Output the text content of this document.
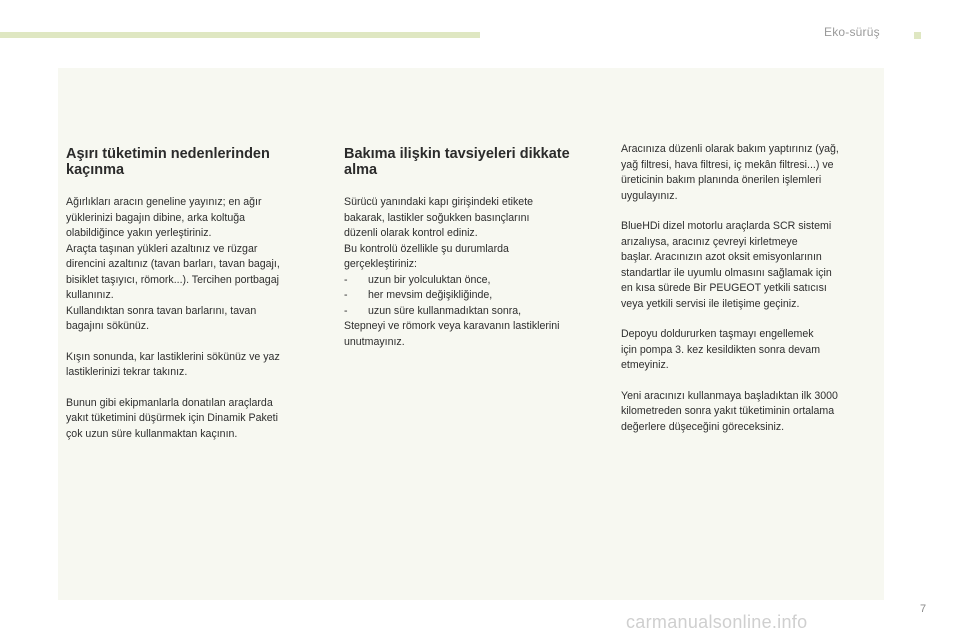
Eko-sürüş
Aşırı tüketimin nedenlerinden
kaçınma

Ağırlıkları aracın geneline yayınız; en ağır
yüklerinizi bagajın dibine, arka koltuğa
olabildiğince yakın yerleştiriniz.
Araçta taşınan yükleri azaltınız ve rüzgar
direncini azaltınız (tavan barları, tavan bagajı,
bisiklet taşıyıcı, römork...). Tercihen portbagaj
kullanınız.
Kullandıktan sonra tavan barlarını, tavan
bagajını sökünüz.

Kışın sonunda, kar lastiklerini sökünüz ve yaz
lastiklerinizi tekrar takınız.

Bunun gibi ekipmanlarla donatılan araçlarda
yakıt tüketimini düşürmek için Dinamik Paketi
çok uzun süre kullanmaktan kaçının.

Bakıma ilişkin tavsiyeleri dikkate
alma

Sürücü yanındaki kapı girişindeki etikete
bakarak, lastikler soğukken basınçlarını
düzenli olarak kontrol ediniz.
Bu kontrolü özellikle şu durumlarda
gerçekleştiriniz:
- uzun bir yolculuktan önce,
- her mevsim değişikliğinde,
- uzun süre kullanmadıktan sonra,
Stepneyi ve römork veya karavanın lastiklerini
unutmayınız.

Aracınıza düzenli olarak bakım yaptırınız (yağ,
yağ filtresi, hava filtresi, iç mekân filtresi...) ve
üreticinin bakım planında önerilen işlemleri
uygulayınız.

BlueHDi dizel motorlu araçlarda SCR sistemi
arızalıysa, aracınız çevreyi kirletmeye
başlar. Aracınızın azot oksit emisyonlarının
standartlar ile uyumlu olmasını sağlamak için
en kısa sürede Bir PEUGEOT yetkili satıcısı
veya yetkili servisi ile iletişime geçiniz.

Depoyu doldururken taşmayı engellemek
için pompa 3. kez kesildikten sonra devam
etmeyiniz.

Yeni aracınızı kullanmaya başladıktan ilk 3000
kilometreden sonra yakıt tüketiminin ortalama
değerlere düşeceğini göreceksiniz.

7
carmanualsonline.info
